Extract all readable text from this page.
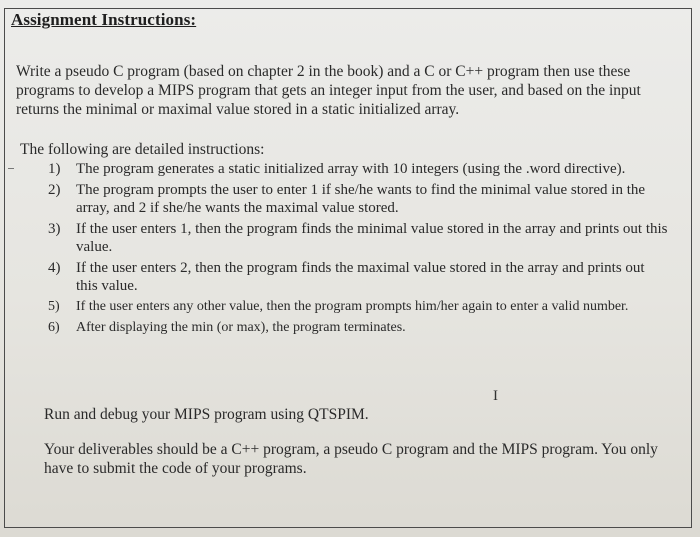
Assignment Instructions:
Write a pseudo C program (based on chapter 2 in the book) and a C or C++ program then use these programs to develop a MIPS program that gets an integer input from the user, and based on the input returns the minimal or maximal value stored in a static initialized array.
The following are detailed instructions:
1)	The program generates a static initialized array with 10 integers (using the .word directive).
2)	The program prompts the user to enter 1 if she/he wants to find the minimal value stored in the array, and 2 if she/he wants the maximal value stored.
3)	If the user enters 1, then the program finds the minimal value stored in the array and prints out this value.
4)	If the user enters 2, then the program finds the maximal value stored in the array and prints out this value.
5)	If the user enters any other value, then the program prompts him/her again to enter a valid number.
6)	After displaying the min (or max), the program terminates.
I
Run and debug your MIPS program using QTSPIM.
Your deliverables should be a C++ program, a pseudo C program and the MIPS program. You only have to submit the code of your programs.
